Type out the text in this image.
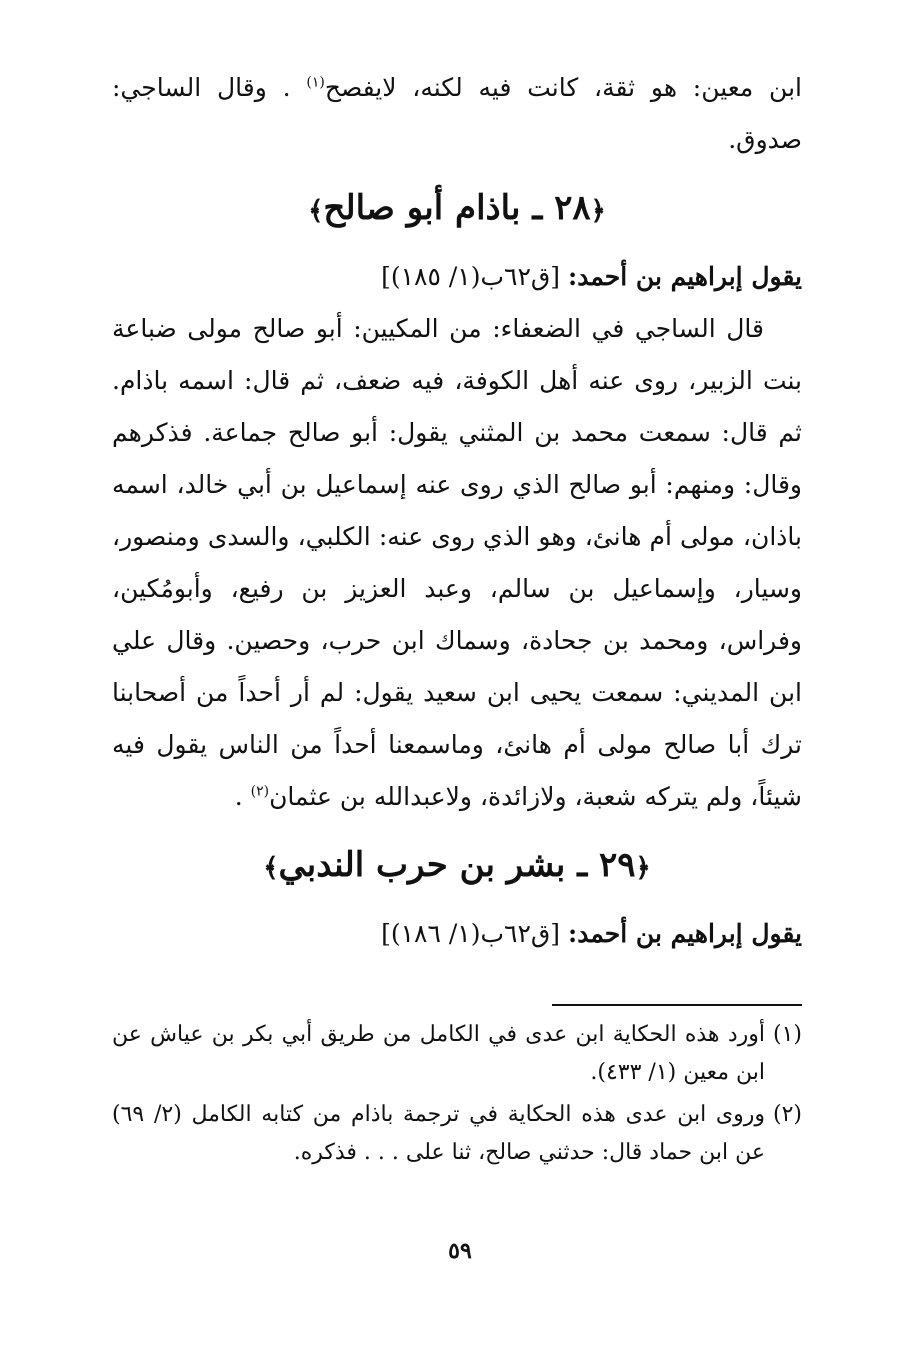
ابن معين: هو ثقة، كانت فيه لكنه، لايفصح$^{(١)}$ . وقال الساجي: صدوق.

﴿٢٨ ـ باذام أبو صالح﴾

يقول إبراهيم بن أحمد: [ق٦٢ب(١/ ١٨٥)]

قال الساجي في الضعفاء: من المكيين: أبو صالح مولى ضباعة بنت الزبير، روى عنه أهل الكوفة، فيه ضعف، ثم قال: اسمه باذام. ثم قال: سمعت محمد بن المثني يقول: أبو صالح جماعة. فذكرهم وقال: ومنهم: أبو صالح الذي روى عنه إسماعيل بن أبي خالد، اسمه باذان، مولى أم هانئ، وهو الذي روى عنه: الكلبي، والسدى ومنصور، وسيار، وإسماعيل بن سالم، وعبد العزيز بن رفيع، وأبومُكين، وفراس، ومحمد بن جحادة، وسماك ابن حرب، وحصين. وقال علي ابن المديني: سمعت يحيى ابن سعيد يقول: لم أر أحداً من أصحابنا ترك أبا صالح مولى أم هانئ، وماسمعنا أحداً من الناس يقول فيه شيئاً، ولم يتركه شعبة، ولازائدة، ولاعبدالله بن عثمان$^{(٢)}$ .

﴿٢٩ ـ بشر بن حرب الندبي﴾

يقول إبراهيم بن أحمد: [ق٦٢ب(١/ ١٨٦)]

(١)
أورد هذه الحكاية ابن عدى في الكامل من طريق أبي بكر بن عياش عن ابن معين (١/ ٤٣٣).

(٢)
وروى ابن عدى هذه الحكاية في ترجمة باذام من كتابه الكامل (٢/ ٦٩) عن ابن حماد قال: حدثني صالح، ثنا على . . . فذكره.

٥٩
